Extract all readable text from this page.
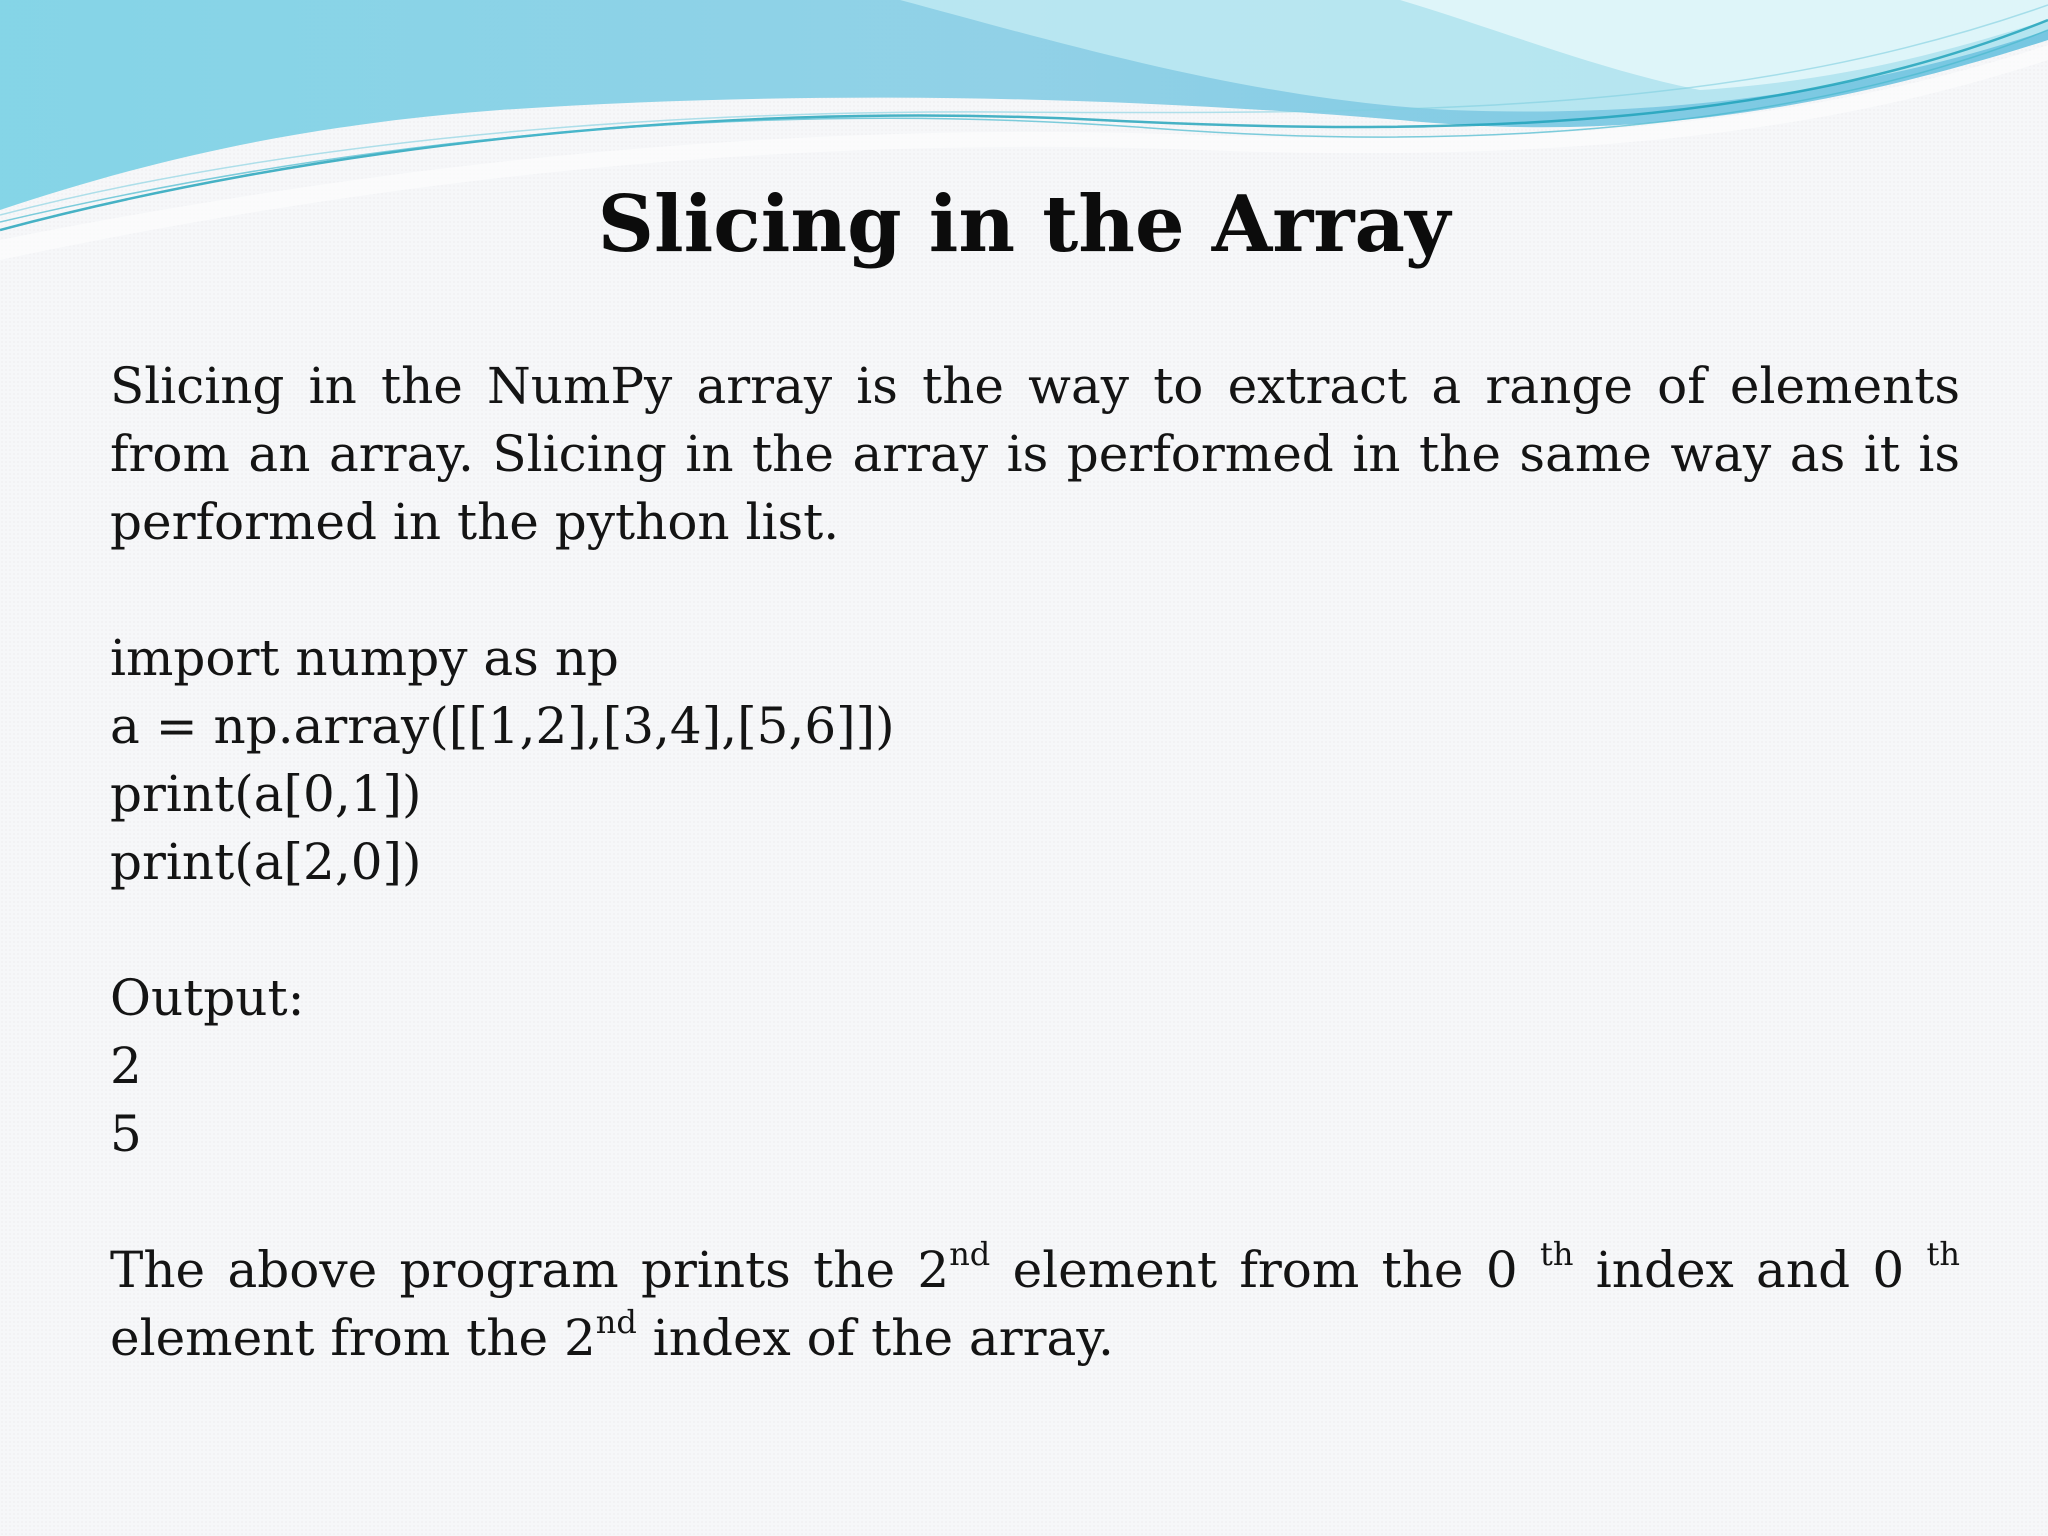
Slicing in the Array

Slicing in the NumPy array is the way to extract a range of elements from an array. Slicing in the array is performed in the same way as it is performed in the python list.

import numpy as np

a = np.array([[1,2],[3,4],[5,6]])

print(a[0,1])

print(a[2,0])

Output:

2

5

The above program prints the 2nd element from the 0 $^{th}$ index and 0 $^{th}$ element from the 2nd index of the array.
